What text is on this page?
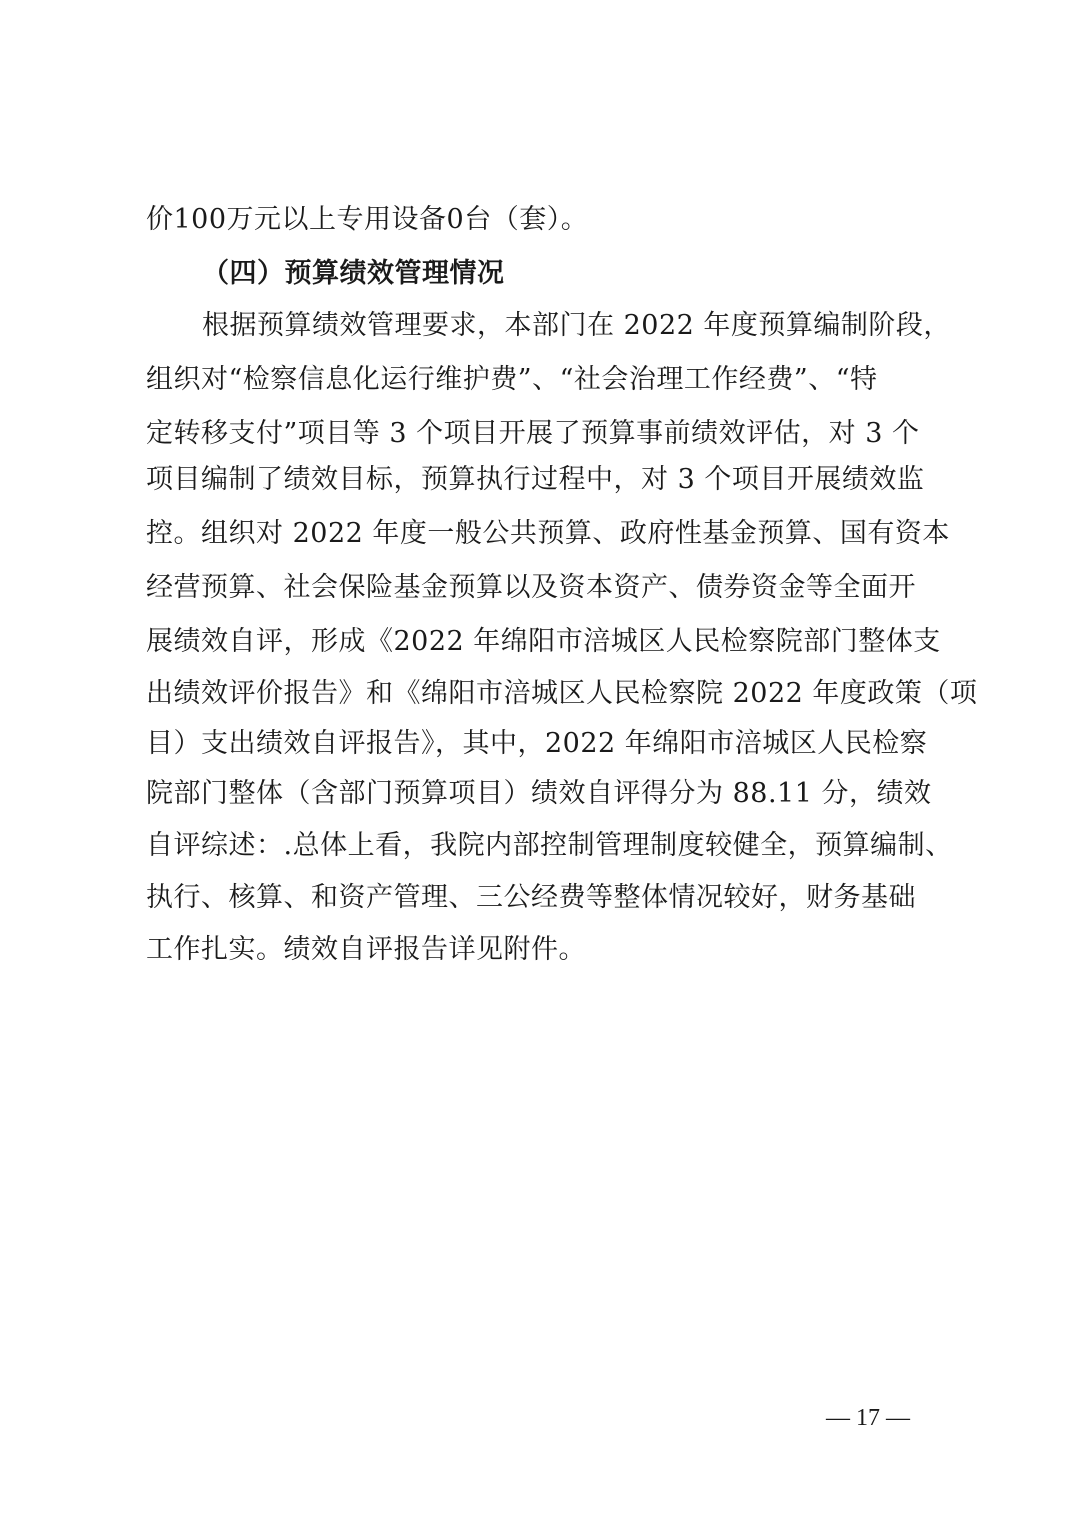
价100万元以上专用设备0台（套）。
（四）预算绩效管理情况
根据预算绩效管理要求，本部门在 2022 年度预算编制阶段，
组织对“检察信息化运行维护费”、“社会治理工作经费”、“特
定转移支付”项目等 3 个项目开展了预算事前绩效评估，对 3 个
项目编制了绩效目标，预算执行过程中，对 3 个项目开展绩效监
控。组织对 2022 年度一般公共预算、政府性基金预算、国有资本
经营预算、社会保险基金预算以及资本资产、债券资金等全面开
展绩效自评，形成《2022 年绵阳市涪城区人民检察院部门整体支
出绩效评价报告》和《绵阳市涪城区人民检察院 2022 年度政策（项
目）支出绩效自评报告》，其中，2022 年绵阳市涪城区人民检察
院部门整体（含部门预算项目）绩效自评得分为 88.11 分，绩效
自评综述：.总体上看，我院内部控制管理制度较健全，预算编制、
执行、核算、和资产管理、三公经费等整体情况较好，财务基础
工作扎实。绩效自评报告详见附件。
— 17 —
